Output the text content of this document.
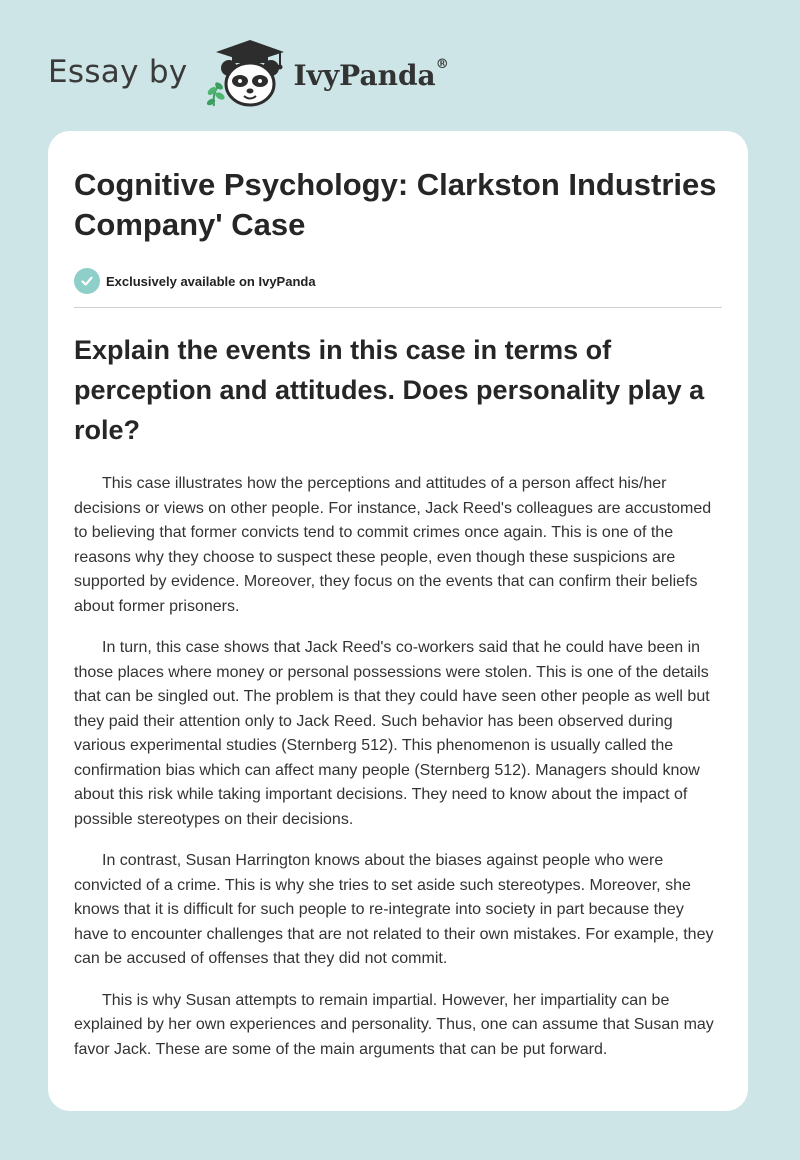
Essay by	IvyPanda®
Cognitive Psychology: Clarkston Industries Company' Case
Exclusively available on IvyPanda
Explain the events in this case in terms of perception and attitudes. Does personality play a role?

This case illustrates how the perceptions and attitudes of a person affect his/her decisions or views on other people. For instance, Jack Reed's colleagues are accustomed to believing that former convicts tend to commit crimes once again. This is one of the reasons why they choose to suspect these people, even though these suspicions are supported by evidence. Moreover, they focus on the events that can confirm their beliefs about former prisoners.

In turn, this case shows that Jack Reed's co-workers said that he could have been in those places where money or personal possessions were stolen. This is one of the details that can be singled out. The problem is that they could have seen other people as well but they paid their attention only to Jack Reed. Such behavior has been observed during various experimental studies (Sternberg 512). This phenomenon is usually called the confirmation bias which can affect many people (Sternberg 512). Managers should know about this risk while taking important decisions. They need to know about the impact of possible stereotypes on their decisions.

In contrast, Susan Harrington knows about the biases against people who were convicted of a crime. This is why she tries to set aside such stereotypes. Moreover, she knows that it is difficult for such people to re-integrate into society in part because they have to encounter challenges that are not related to their own mistakes. For example, they can be accused of offenses that they did not commit.

This is why Susan attempts to remain impartial. However, her impartiality can be explained by her own experiences and personality. Thus, one can assume that Susan may favor Jack. These are some of the main arguments that can be put forward.
